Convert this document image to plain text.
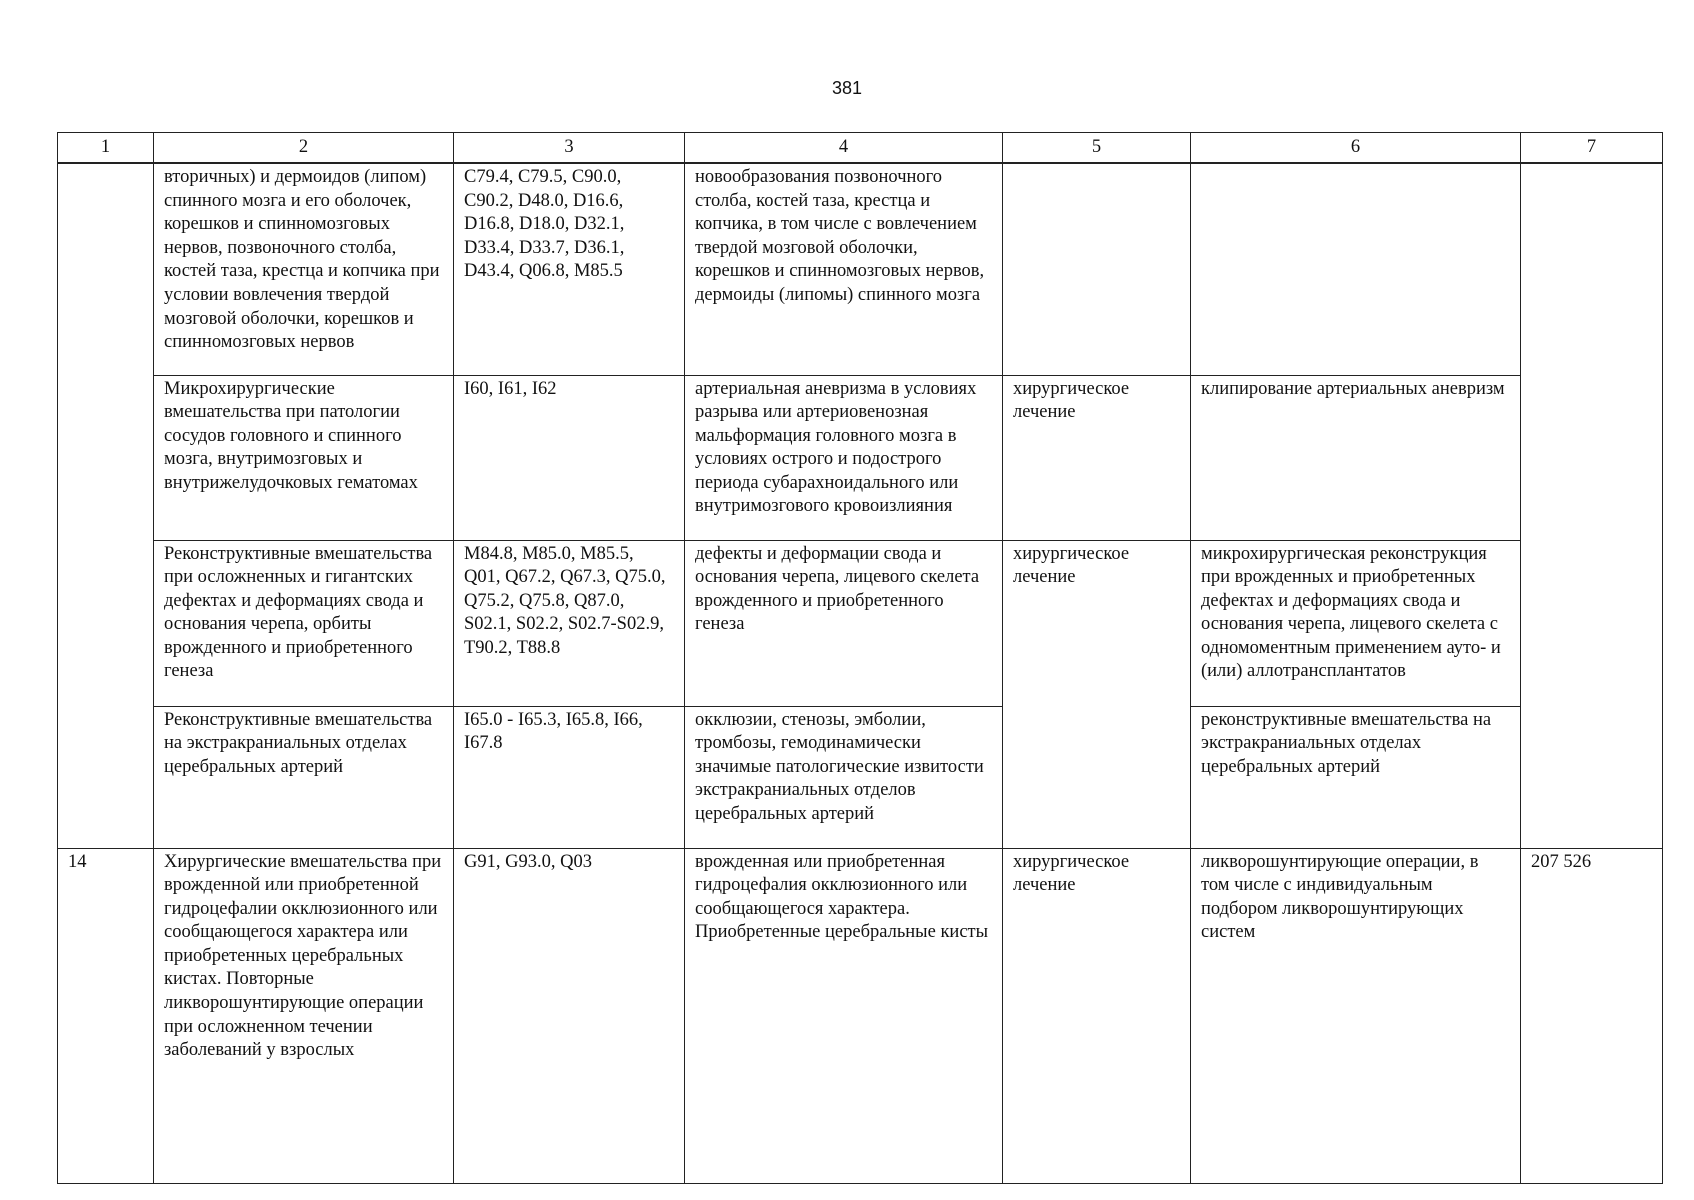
381
1	2	3	4	5	6	7
	вторичных) и дермоидов (липом) спинного мозга и его оболочек, корешков и спинномозговых нервов, позвоночного столба, костей таза, крестца и копчика при условии вовлечения твердой мозговой оболочки, корешков и спинномозговых нервов	C79.4, C79.5, C90.0, C90.2, D48.0, D16.6, D16.8, D18.0, D32.1, D33.4, D33.7, D36.1, D43.4, Q06.8, M85.5	новообразования позвоночного столба, костей таза, крестца и копчика, в том числе с вовлечением твердой мозговой оболочки, корешков и спинномозговых нервов, дермоиды (липомы) спинного мозга			
	Микрохирургические вмешательства при патологии сосудов головного и спинного мозга, внутримозговых и внутрижелудочковых гематомах	I60, I61, I62	артериальная аневризма в условиях разрыва или артериовенозная мальформация головного мозга в условиях острого и подострого периода субарахноидального или внутримозгового кровоизлияния	хирургическое лечение	клипирование артериальных аневризм	
	Реконструктивные вмешательства при осложненных и гигантских дефектах и деформациях свода и основания черепа, орбиты врожденного и приобретенного генеза	M84.8, M85.0, M85.5, Q01, Q67.2, Q67.3, Q75.0, Q75.2, Q75.8, Q87.0, S02.1, S02.2, S02.7-S02.9, T90.2, T88.8	дефекты и деформации свода и основания черепа, лицевого скелета врожденного и приобретенного генеза	хирургическое лечение	микрохирургическая реконструкция при врожденных и приобретенных дефектах и деформациях свода и основания черепа, лицевого скелета с одномоментным применением ауто- и (или) аллотрансплантатов	
	Реконструктивные вмешательства на экстракраниальных отделах церебральных артерий	I65.0 - I65.3, I65.8, I66, I67.8	окклюзии, стенозы, эмболии, тромбозы, гемодинамически значимые патологические извитости экстракраниальных отделов церебральных артерий		реконструктивные вмешательства на экстракраниальных отделах церебральных артерий	
14	Хирургические вмешательства при врожденной или приобретенной гидроцефалии окклюзионного или сообщающегося характера или приобретенных церебральных кистах. Повторные ликворошунтирующие операции при осложненном течении заболеваний у взрослых	G91, G93.0, Q03	врожденная или приобретенная гидроцефалия окклюзионного или сообщающегося характера. Приобретенные церебральные кисты	хирургическое лечение	ликворошунтирующие операции, в том числе с индивидуальным подбором ликворошунтирующих систем	207 526
